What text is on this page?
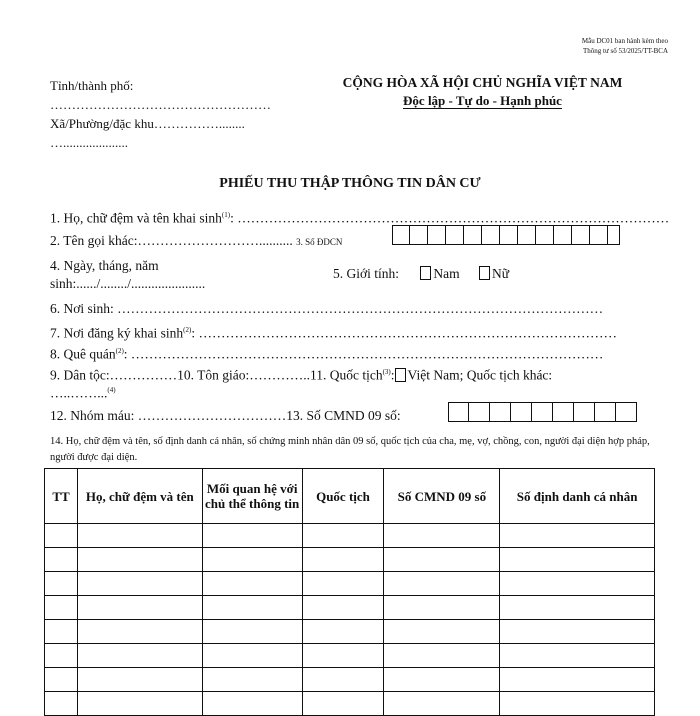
Mẫu DC01 ban hành kèm theo
Thông tư số 53/2025/TT-BCA
Tỉnh/thành phố:
……………………………………………
Xã/Phường/đặc khu……………........
…....................
CỘNG HÒA XÃ HỘI CHỦ NGHĨA VIỆT NAM
Độc lập - Tự do - Hạnh phúc
PHIẾU THU THẬP THÔNG TIN DÂN CƯ
1. Họ, chữ đệm và tên khai $\sinh^{(1)}$: ……………………………………………………………………………………
2. Tên gọi khác:……………………….......... 3. Số ĐDCN
4. Ngày, tháng, năm
sinh:....../......../......................
5. Giới tính:	Nam Nữ
6. Nơi sinh: ………………………………………………………………………………………………
7. Nơi đăng ký khai $\sinh^{(2)}$: …………………………………………………………………………………
8. Quê quán$^{(2)}$: ……………………………………………………………………………………………
9. Dân tộc:……………10. Tôn giáo:…………..11. Quốc tịch$^{(3)}$: Việt Nam; Quốc tịch khác:
…..……...$^{(4)}$
12. Nhóm máu: ……………………………13. Số CMND 09 số:
14. Họ, chữ đệm và tên, số định danh cá nhân, số chứng minh nhân dân 09 số, quốc tịch của cha, mẹ, vợ, chồng, con, người đại diện hợp pháp, người được đại diện.
TT	Họ, chữ đệm và tên	Mối quan hệ với chủ thể thông tin	Quốc tịch	Số CMND 09 số	Số định danh cá nhân
